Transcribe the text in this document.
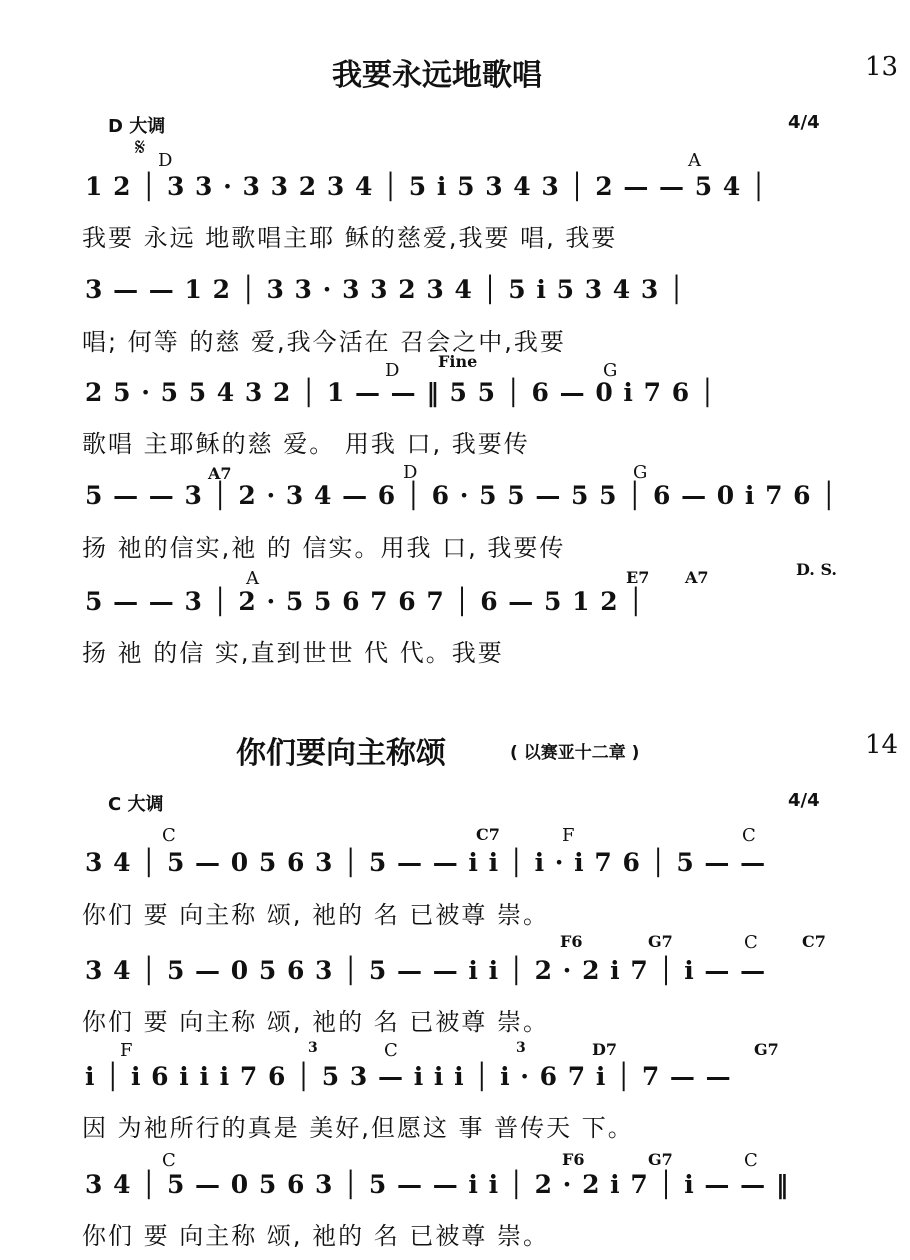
我要永远地歌唱	13
D 大调	4/4
𝄋 D	A
D Fine	G
A7	D	G
A	E7 A7	D. S.
1 2 │ 3 3 · 3 3 2 3 4 │ 5 i 5 3 4 3 │ 2 — — 5 4 │
我要 永远 地歌唱主耶 稣的慈爱,我要 唱, 我要
3 — — 1 2 │ 3 3 · 3 3 2 3 4 │ 5 i 5 3 4 3 │
唱; 何等 的慈 爱,我今活在 召会之中,我要
2 5 · 5 5 4 3 2 │ 1 — — ‖ 5 5 │ 6 — 0 i 7 6 │
歌唱 主耶稣的慈 爱。 用我 口, 我要传
5 — — 3 │ 2 · 3 4 — 6 │ 6 · 5 5 — 5 5 │ 6 — 0 i 7 6 │
扬 祂的信实,祂 的 信实。用我 口, 我要传
5 — — 3 │ 2 · 5 5 6 7 6 7 │ 6 — 5 1 2 │
扬 祂 的信 实,直到世世 代 代。我要
你们要向主称颂	( 以赛亚十二章 )	14
C 大调	4/4
C	C7	F	C
F6	G7	C	C7
F	C	D7	G7
C	F6	G7	C
3	3
3 4 │ 5 — 0 5 6 3 │ 5 — — i i │ i · i 7 6 │ 5 — —
你们 要 向主称 颂, 祂的 名 已被尊 崇。
3 4 │ 5 — 0 5 6 3 │ 5 — — i i │ 2 · 2 i 7 │ i — —
你们 要 向主称 颂, 祂的 名 已被尊 崇。
i │ i 6 i i i 7 6 │ 5 3 — i i i │ i · 6 7 i │ 7 — —
因 为祂所行的真是 美好,但愿这 事 普传天 下。
3 4 │ 5 — 0 5 6 3 │ 5 — — i i │ 2 · 2 i 7 │ i — — ‖
你们 要 向主称 颂, 祂的 名 已被尊 崇。
